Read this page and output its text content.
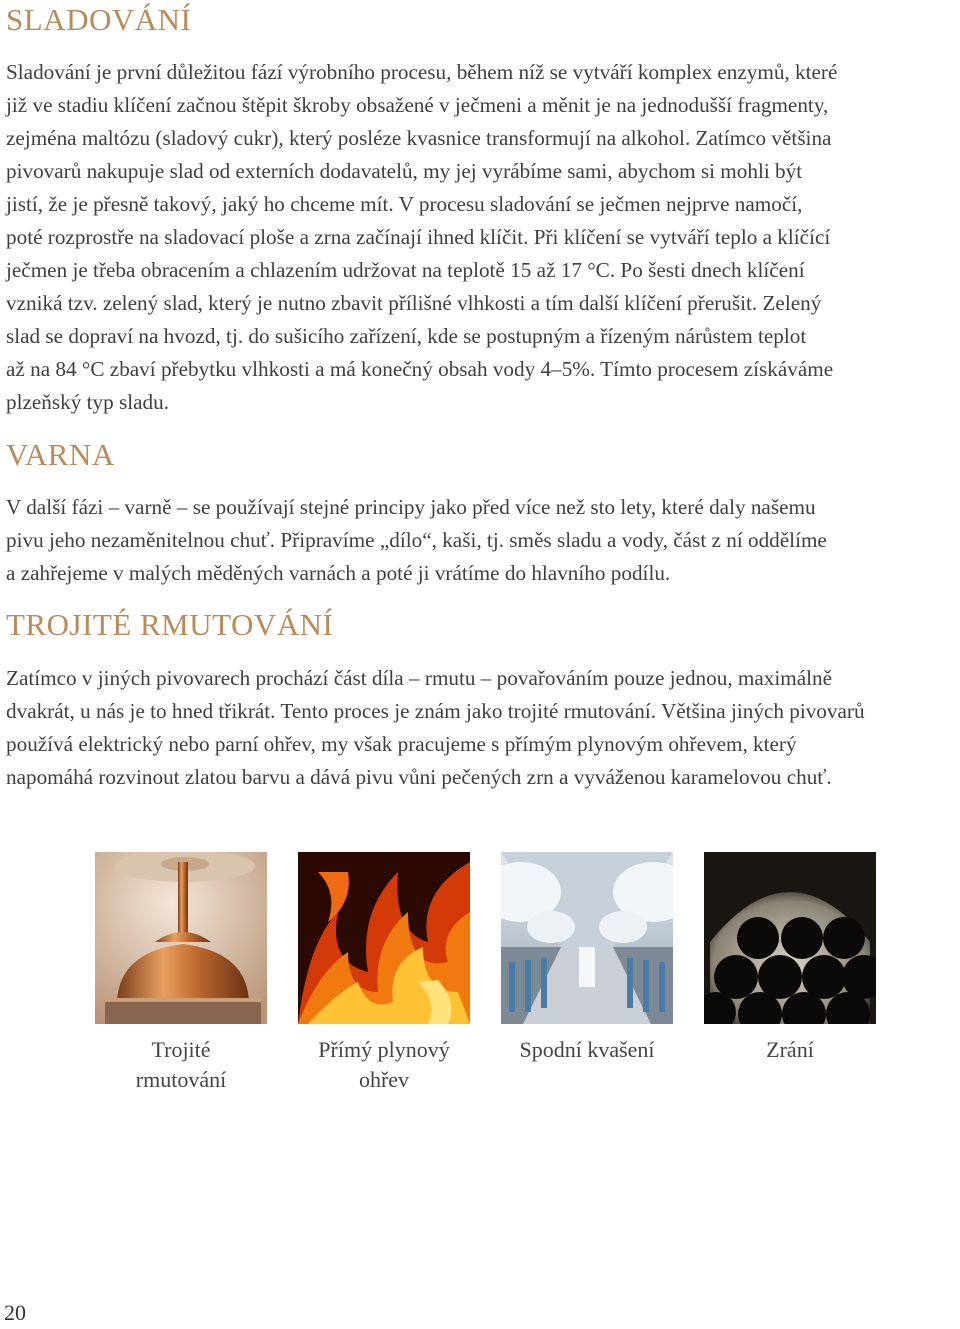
SLADOVÁNÍ

Sladování je první důležitou fází výrobního procesu, během níž se vytváří komplex enzymů, které
již ve stadiu klíčení začnou štěpit škroby obsažené v ječmeni a měnit je na jednodušší fragmenty,
zejména maltózu (sladový cukr), který posléze kvasnice transformují na alkohol. Zatímco většina
pivovarů nakupuje slad od externích dodavatelů, my jej vyrábíme sami, abychom si mohli být
jistí, že je přesně takový, jaký ho chceme mít. V procesu sladování se ječmen nejprve namočí,
poté rozprostře na sladovací ploše a zrna začínají ihned klíčit. Při klíčení se vytváří teplo a klíčící
ječmen je třeba obracením a chlazením udržovat na teplotě 15 až 17 °C. Po šesti dnech klíčení
vzniká tzv. zelený slad, který je nutno zbavit přílišné vlhkosti a tím další klíčení přerušit. Zelený
slad se dopraví na hvozd, tj. do sušicího zařízení, kde se postupným a řízeným nárůstem teplot
až na 84 °C zbaví přebytku vlhkosti a má konečný obsah vody 4–5%. Tímto procesem získáváme
plzeňský typ sladu.

VARNA

V další fázi – varně – se používají stejné principy jako před více než sto lety, které daly našemu
pivu jeho nezaměnitelnou chuť. Připravíme „dílo“, kaši, tj. směs sladu a vody, část z ní oddělíme
a zahřejeme v malých měděných varnách a poté ji vrátíme do hlavního podílu.

TROJITÉ RMUTOVÁNÍ

Zatímco v jiných pivovarech prochází část díla – rmutu – povařováním pouze jednou, maximálně
dvakrát, u nás je to hned třikrát. Tento proces je znám jako trojité rmutování. Většina jiných pivovarů
používá elektrický nebo parní ohřev, my však pracujeme s přímým plynovým ohřevem, který
napomáhá rozvinout zlatou barvu a dává pivu vůni pečených zrn a vyváženou karamelovou chuť.

Trojité
rmutování
Přímý plynový
ohřev
Spodní kvašení	Zrání
20
